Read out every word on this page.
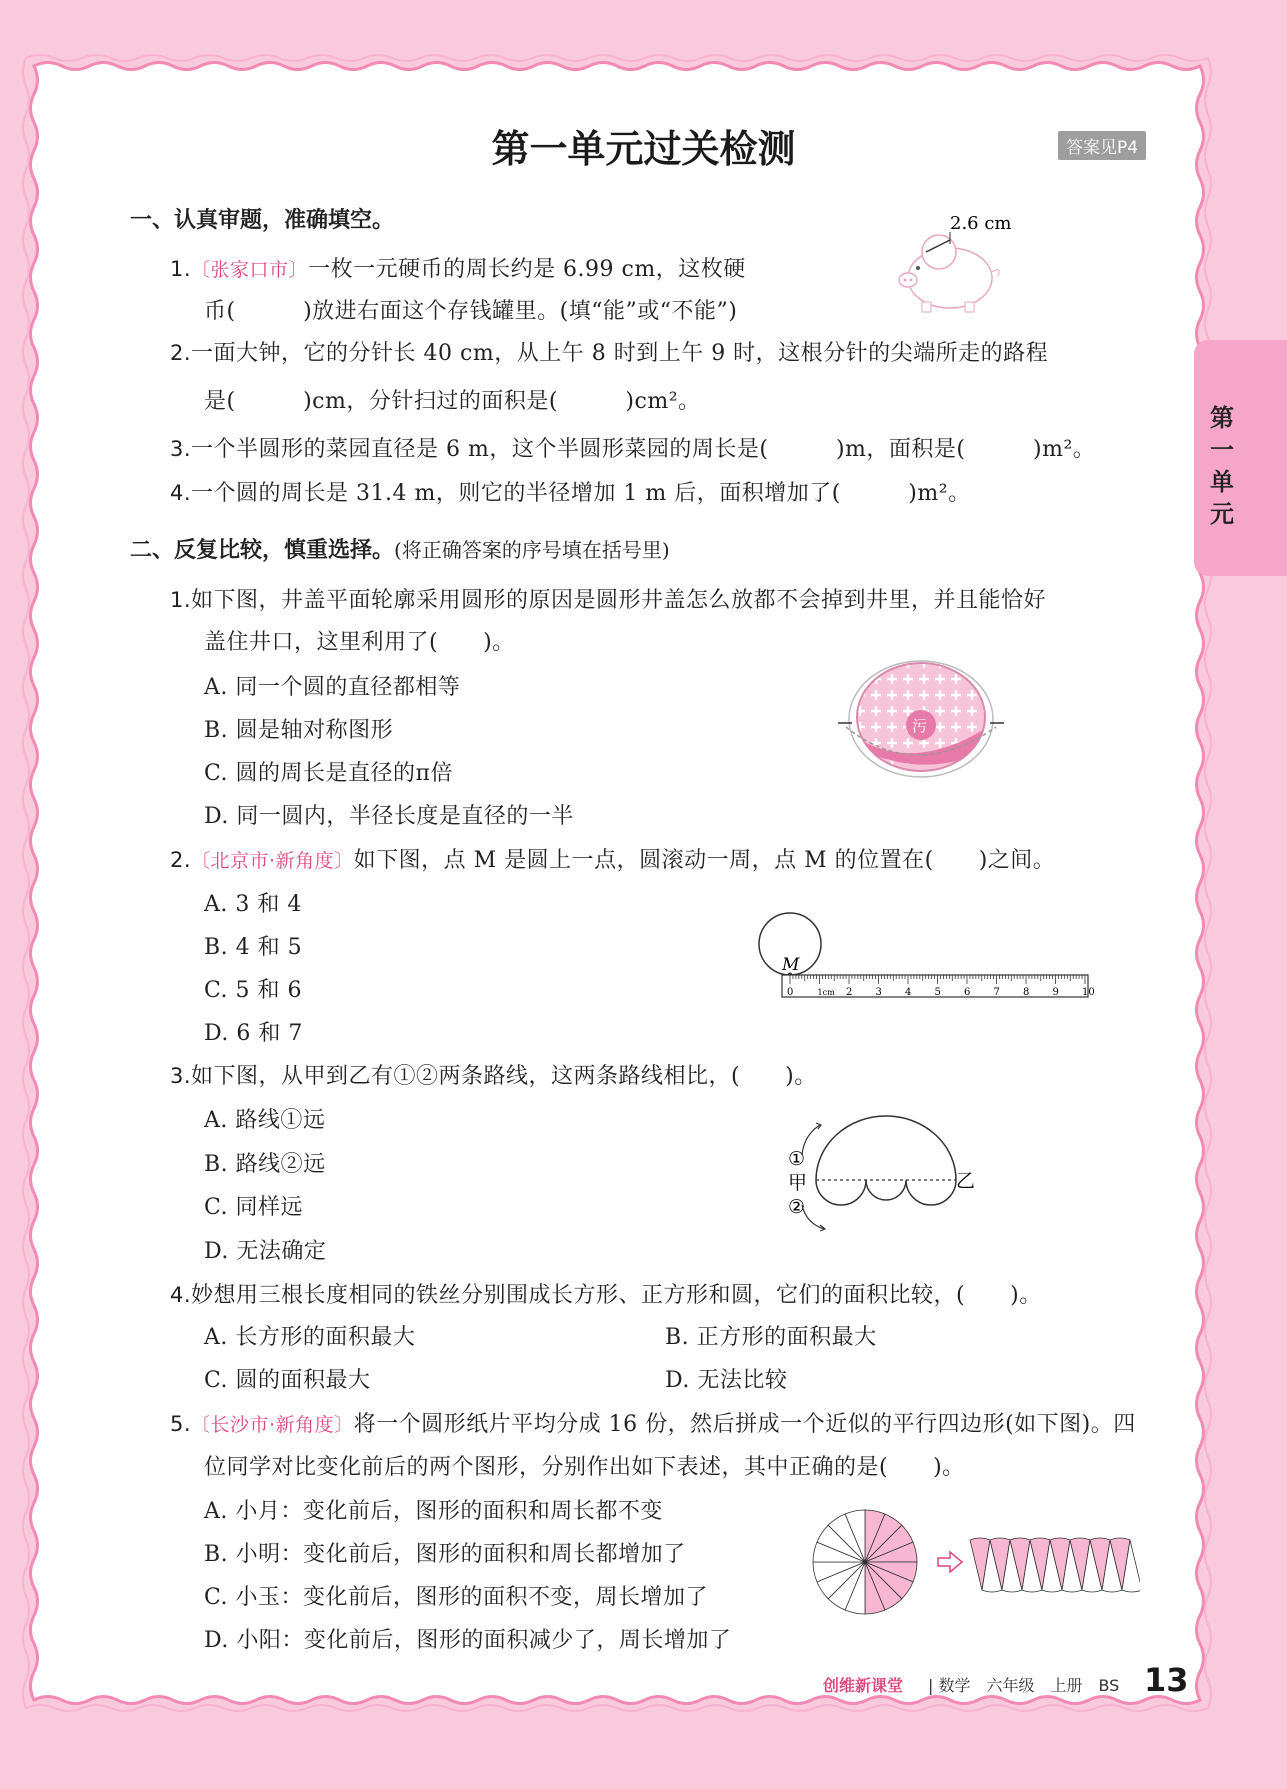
第一单元过关检测	答案见P4
第一单元
一、认真审题，准确填空。
1.〔张家口市〕一枚一元硬币的周长约是 6.99 cm，这枚硬
币(　　　)放进右面这个存钱罐里。(填“能”或“不能”)
2.6 cm
2.一面大钟，它的分针长 40 cm，从上午 8 时到上午 9 时，这根分针的尖端所走的路程
是(　　　)cm，分针扫过的面积是(　　　)cm²。
3.一个半圆形的菜园直径是 6 m，这个半圆形菜园的周长是(　　　)m，面积是(　　　)m²。
4.一个圆的周长是 31.4 m，则它的半径增加 1 m 后，面积增加了(　　　)m²。
二、反复比较，慎重选择。(将正确答案的序号填在括号里)
1.如下图，井盖平面轮廓采用圆形的原因是圆形井盖怎么放都不会掉到井里，并且能恰好
盖住井口，这里利用了(　　)。
A. 同一个圆的直径都相等
B. 圆是轴对称图形
C. 圆的周长是直径的π倍
D. 同一圆内，半径长度是直径的一半
污
2.〔北京市·新角度〕如下图，点 M 是圆上一点，圆滚动一周，点 M 的位置在(　　)之间。
A. 3 和 4
B. 4 和 5
C. 5 和 6
D. 6 和 7
M
0	1cm 2 3 4 5 6 7 8 9 10
3.如下图，从甲到乙有①②两条路线，这两条路线相比，(　　)。
A. 路线①远
B. 路线②远
C. 同样远
D. 无法确定
①
甲
②
乙
4.妙想用三根长度相同的铁丝分别围成长方形、正方形和圆，它们的面积比较，(　　)。
A. 长方形的面积最大	B. 正方形的面积最大
C. 圆的面积最大	D. 无法比较
5.〔长沙市·新角度〕将一个圆形纸片平均分成 16 份，然后拼成一个近似的平行四边形(如下图)。四
位同学对比变化前后的两个图形，分别作出如下表述，其中正确的是(　　)。
A. 小月：变化前后，图形的面积和周长都不变
B. 小明：变化前后，图形的面积和周长都增加了
C. 小玉：变化前后，图形的面积不变，周长增加了
D. 小阳：变化前后，图形的面积减少了，周长增加了
创维新课堂 | 数学　六年级　上册　BS 13
